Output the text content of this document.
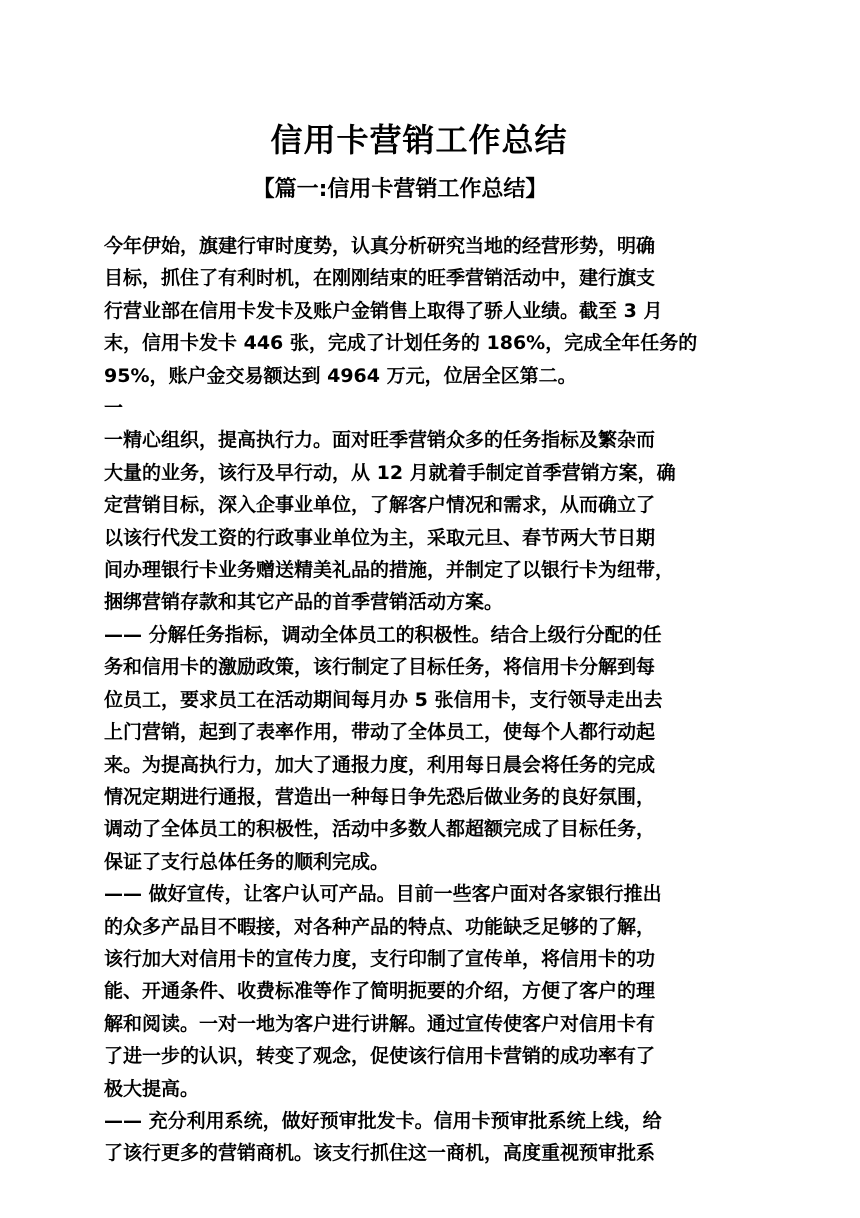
信用卡营销工作总结
【篇一:信用卡营销工作总结】
今年伊始，旗建行审时度势，认真分析研究当地的经营形势，明确
目标，抓住了有利时机，在刚刚结束的旺季营销活动中，建行旗支
行营业部在信用卡发卡及账户金销售上取得了骄人业绩。截至 3 月
末，信用卡发卡 446 张，完成了计划任务的 186%，完成全年任务的
95%，账户金交易额达到 4964 万元，位居全区第二。
一
一精心组织，提高执行力。面对旺季营销众多的任务指标及繁杂而
大量的业务，该行及早行动，从 12 月就着手制定首季营销方案，确
定营销目标，深入企事业单位，了解客户情况和需求，从而确立了
以该行代发工资的行政事业单位为主，采取元旦、春节两大节日期
间办理银行卡业务赠送精美礼品的措施，并制定了以银行卡为纽带，
捆绑营销存款和其它产品的首季营销活动方案。
—— 分解任务指标，调动全体员工的积极性。结合上级行分配的任
务和信用卡的激励政策，该行制定了目标任务，将信用卡分解到每
位员工，要求员工在活动期间每月办 5 张信用卡，支行领导走出去
上门营销，起到了表率作用，带动了全体员工，使每个人都行动起
来。为提高执行力，加大了通报力度，利用每日晨会将任务的完成
情况定期进行通报，营造出一种每日争先恐后做业务的良好氛围，
调动了全体员工的积极性，活动中多数人都超额完成了目标任务，
保证了支行总体任务的顺利完成。
—— 做好宣传，让客户认可产品。目前一些客户面对各家银行推出
的众多产品目不暇接，对各种产品的特点、功能缺乏足够的了解，
该行加大对信用卡的宣传力度，支行印制了宣传单，将信用卡的功
能、开通条件、收费标准等作了简明扼要的介绍，方便了客户的理
解和阅读。一对一地为客户进行讲解。通过宣传使客户对信用卡有
了进一步的认识，转变了观念，促使该行信用卡营销的成功率有了
极大提高。
—— 充分利用系统，做好预审批发卡。信用卡预审批系统上线，给
了该行更多的营销商机。该支行抓住这一商机，高度重视预审批系
